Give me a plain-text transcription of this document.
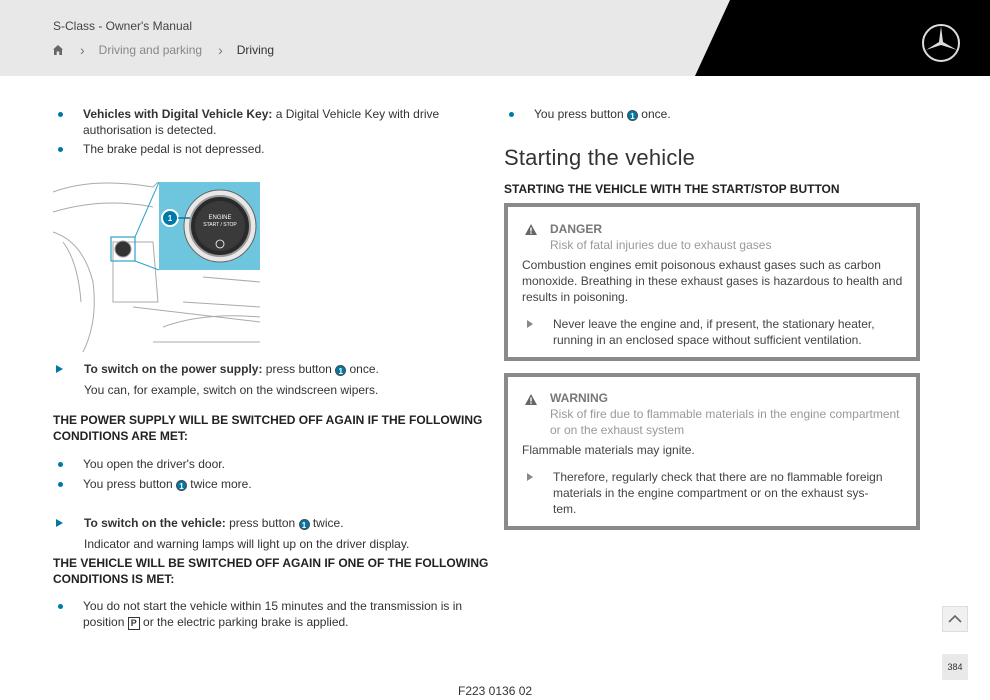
S-Class - Owner's Manual
› Driving and parking › Driving
Vehicles with Digital Vehicle Key: a Digital Vehicle Key with drive
authorisation is detected.
The brake pedal is not depressed.
ENGINE
START / STOP
1
To switch on the power supply: press button 1 once.
You can, for example, switch on the windscreen wipers.
THE POWER SUPPLY WILL BE SWITCHED OFF AGAIN IF THE FOLLOWING
CONDITIONS ARE MET:
You open the driver's door.
You press button 1 twice more.
To switch on the vehicle: press button 1 twice.
Indicator and warning lamps will light up on the driver display.
THE VEHICLE WILL BE SWITCHED OFF AGAIN IF ONE OF THE FOLLOWING
CONDITIONS IS MET:
You do not start the vehicle within 15 minutes and the transmission is in
position P or the electric parking brake is applied.
You press button 1 once.
Starting the vehicle
STARTING THE VEHICLE WITH THE START/STOP BUTTON
DANGER
Risk of fatal injuries due to exhaust gases
Combustion engines emit poisonous exhaust gases such as carbon
monoxide. Breathing in these exhaust gases is hazardous to health and
results in poisoning.
Never leave the engine and, if present, the stationary heater,
running in an enclosed space without sufficient ventilation.
WARNING
Risk of fire due to flammable materials in the engine compartment
or on the exhaust system
Flammable materials may ignite.
Therefore, regularly check that there are no flammable foreign
materials in the engine compartment or on the exhaust sys-
tem.
384
F223 0136 02
